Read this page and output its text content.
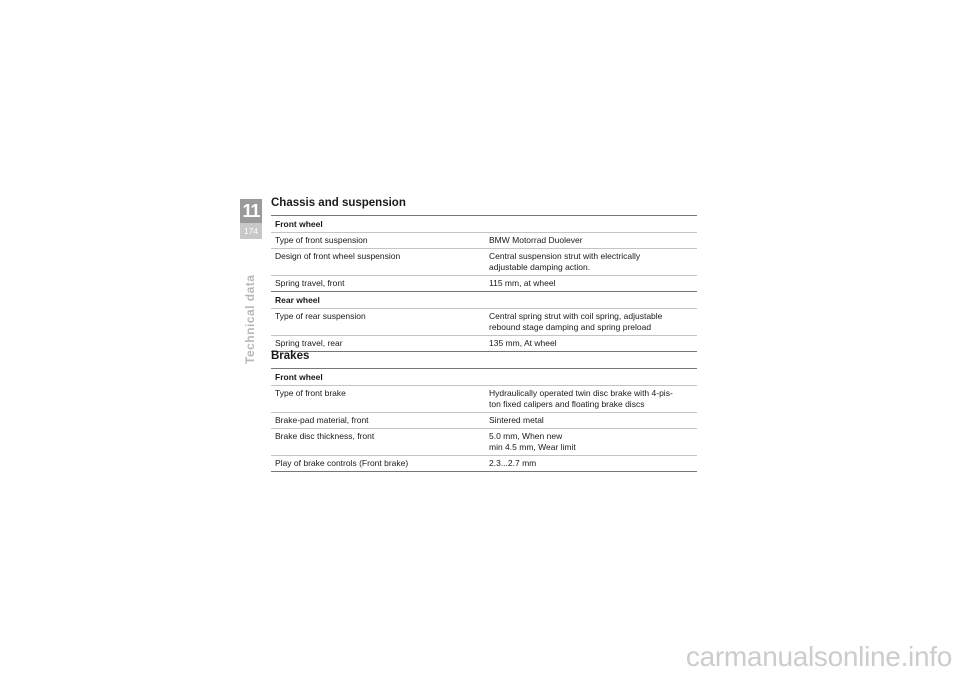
11
174
Technical data
Chassis and suspension
Front wheel	
Type of front suspension	BMW Motorrad Duolever

Design of front wheel suspension	Central suspension strut with electrically
adjustable damping action.

Spring travel, front	115 mm, at wheel

Rear wheel	
Type of rear suspension	Central spring strut with coil spring, adjustable
rebound stage damping and spring preload

Spring travel, rear	135 mm, At wheel
Brakes
Front wheel	
Type of front brake	Hydraulically operated twin disc brake with 4-pis-
ton fixed calipers and floating brake discs

Brake-pad material, front	Sintered metal

Brake disc thickness, front	5.0 mm, When new
min 4.5 mm, Wear limit

Play of brake controls (Front brake)	2.3...2.7 mm
carmanualsonline.info
